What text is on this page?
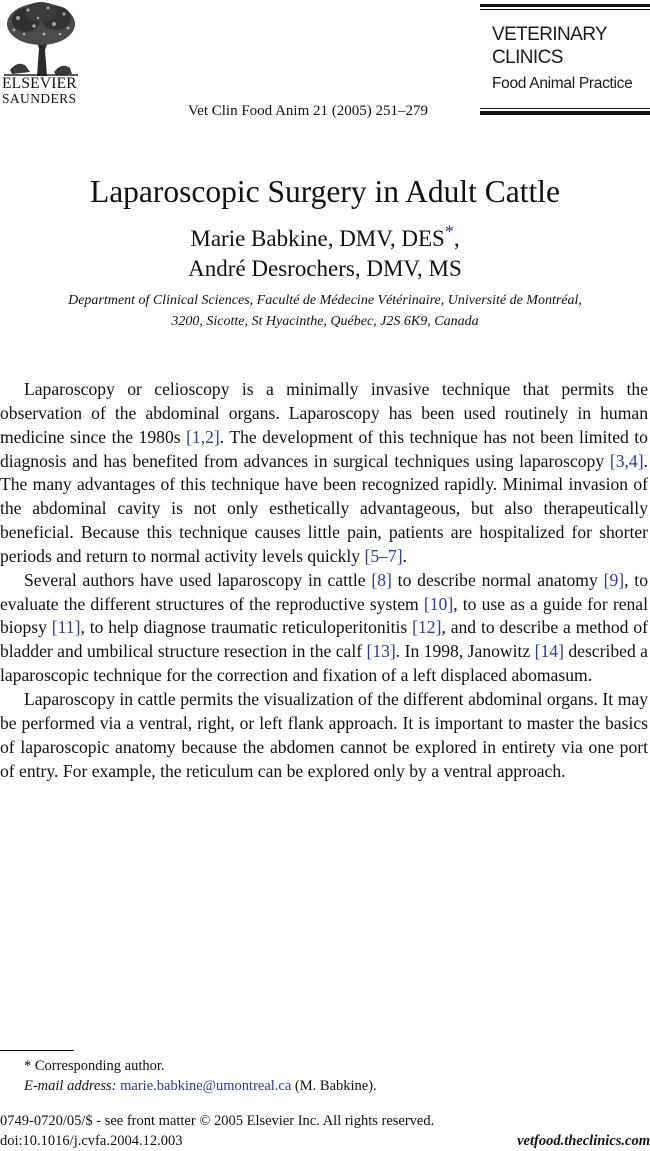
ELSEVIER
SAUNDERS
Vet Clin Food Anim 21 (2005) 251–279
VETERINARY
CLINICS
Food Animal Practice
Laparoscopic Surgery in Adult Cattle
Marie Babkine, DMV, DES*,
André Desrochers, DMV, MS
Department of Clinical Sciences, Faculté de Médecine Vétérinaire, Université de Montréal,
3200, Sicotte, St Hyacinthe, Québec, J2S 6K9, Canada

Laparoscopy or celioscopy is a minimally invasive technique that permits the observation of the abdominal organs. Laparoscopy has been used routinely in human medicine since the 1980s [1,2]. The development of this technique has not been limited to diagnosis and has benefited from advances in surgical techniques using laparoscopy [3,4]. The many advantages of this technique have been recognized rapidly. Minimal invasion of the abdominal cavity is not only esthetically advantageous, but also therapeutically beneficial. Because this technique causes little pain, patients are hospitalized for shorter periods and return to normal activity levels quickly [5–7].

Several authors have used laparoscopy in cattle [8] to describe normal anatomy [9], to evaluate the different structures of the reproductive system [10], to use as a guide for renal biopsy [11], to help diagnose traumatic reticuloperitonitis [12], and to describe a method of bladder and umbilical structure resection in the calf [13]. In 1998, Janowitz [14] described a laparoscopic technique for the correction and fixation of a left displaced abomasum.

Laparoscopy in cattle permits the visualization of the different abdominal organs. It may be performed via a ventral, right, or left flank approach. It is important to master the basics of laparoscopic anatomy because the abdomen cannot be explored in entirety via one port of entry. For example, the reticulum can be explored only by a ventral approach.

* Corresponding author.
E-mail address: marie.babkine@umontreal.ca (M. Babkine).
0749-0720/05/$ - see front matter © 2005 Elsevier Inc. All rights reserved.
doi:10.1016/j.cvfa.2004.12.003	vetfood.theclinics.com
